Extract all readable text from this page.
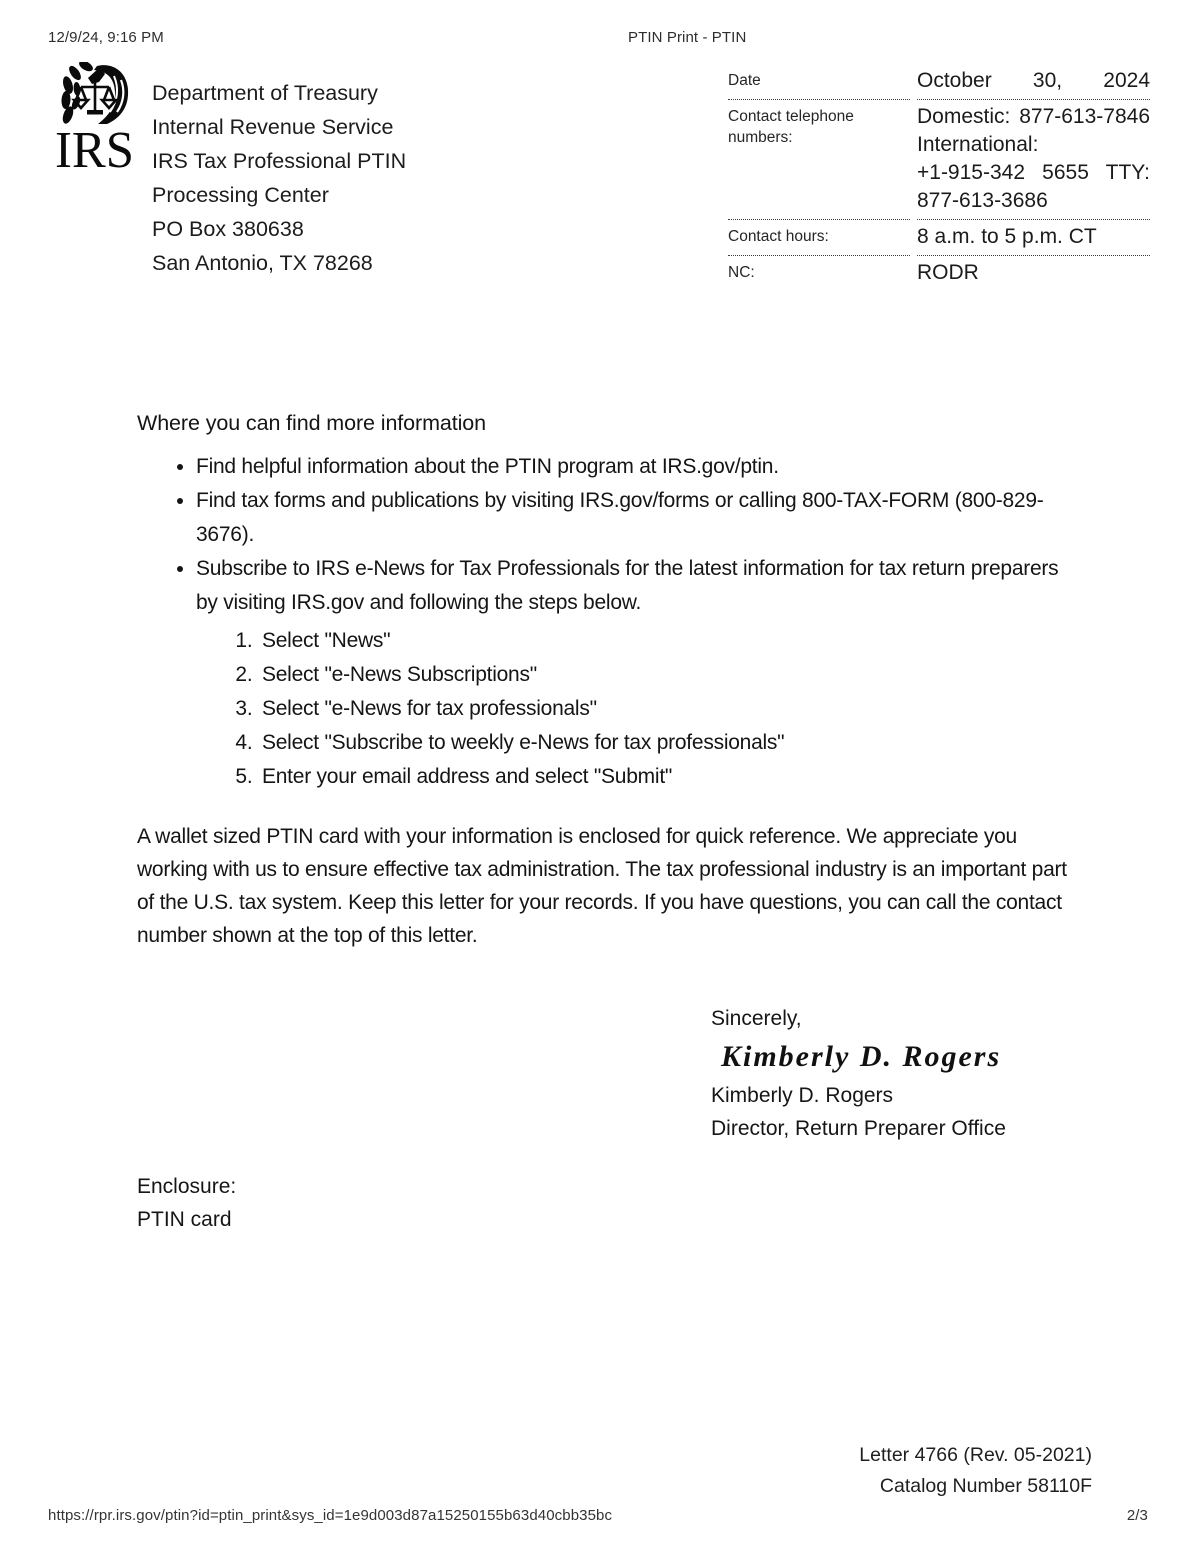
12/9/24, 9:16 PM	PTIN Print - PTIN
IRS
Department of Treasury
Internal Revenue Service
IRS Tax Professional PTIN
Processing Center
PO Box 380638
San Antonio, TX 78268
Date	October 30, 2024
Contact telephone numbers:
Domestic: 877-613-7846
International:
+1-915-342 5655 TTY:
877-613-3686
Contact hours:	8 a.m. to 5 p.m. CT
NC:	RODR
Where you can find more information
• Find helpful information about the PTIN program at IRS.gov/ptin.
• Find tax forms and publications by visiting IRS.gov/forms or calling 800-TAX-FORM (800-829-3676).
• Subscribe to IRS e-News for Tax Professionals for the latest information for tax return preparers by visiting IRS.gov and following the steps below.
1. Select "News"
2. Select "e-News Subscriptions"
3. Select "e-News for tax professionals"
4. Select "Subscribe to weekly e-News for tax professionals"
5. Enter your email address and select "Submit"

A wallet sized PTIN card with your information is enclosed for quick reference. We appreciate you working with us to ensure effective tax administration. The tax professional industry is an important part of the U.S. tax system. Keep this letter for your records. If you have questions, you can call the contact number shown at the top of this letter.

Sincerely,
Kimberly D. Rogers
Kimberly D. Rogers
Director, Return Preparer Office
Enclosure:
PTIN card
Letter 4766 (Rev. 05-2021)
Catalog Number 58110F
https://rpr.irs.gov/ptin?id=ptin_print&sys_id=1e9d003d87a15250155b63d40cbb35bc	2/3
